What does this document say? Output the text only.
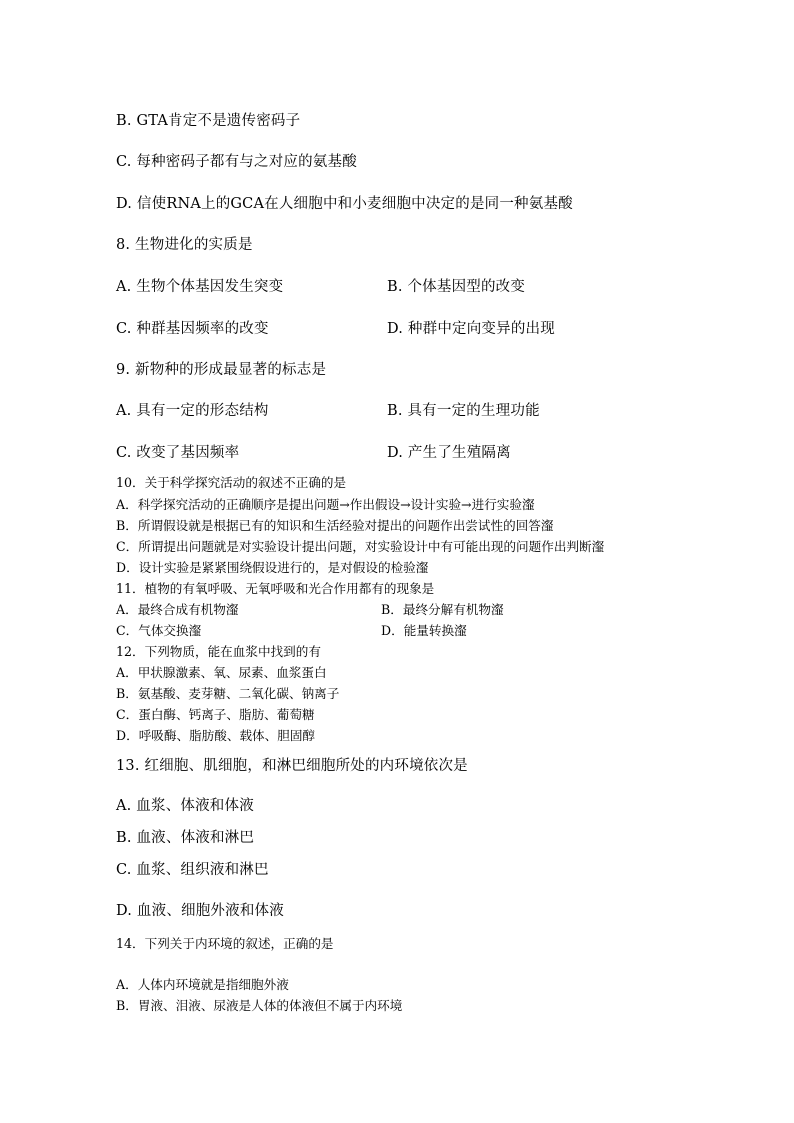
B. GTA肯定不是遗传密码子
C. 每种密码子都有与之对应的氨基酸
D. 信使RNA上的GCA在人细胞中和小麦细胞中决定的是同一种氨基酸
8. 生物进化的实质是
A. 生物个体基因发生突变	B. 个体基因型的改变
C. 种群基因频率的改变	D. 种群中定向变异的出现
9. 新物种的形成最显著的标志是
A. 具有一定的形态结构	B. 具有一定的生理功能
C. 改变了基因频率	D. 产生了生殖隔离
10．关于科学探究活动的叙述不正确的是
A．科学探究活动的正确顺序是提出问题→作出假设→设计实验→进行实验瀣
B．所谓假设就是根据已有的知识和生活经验对提出的问题作出尝试性的回答瀣
C．所谓提出问题就是对实验设计提出问题，对实验设计中有可能出现的问题作出判断瀣
D．设计实验是紧紧围绕假设进行的，是对假设的检验瀣
11．植物的有氧呼吸、无氧呼吸和光合作用都有的现象是
A．最终合成有机物瀣	B．最终分解有机物瀣
C．气体交换瀣	D．能量转换瀣
12．下列物质，能在血浆中找到的有
A．甲状腺激素、氧、尿素、血浆蛋白
B．氨基酸、麦芽糖、二氧化碳、钠离子
C．蛋白酶、钙离子、脂肪、葡萄糖
D．呼吸酶、脂肪酸、载体、胆固醇
13. 红细胞、肌细胞，和淋巴细胞所处的内环境依次是
A. 血浆、体液和体液
B. 血液、体液和淋巴
C. 血浆、组织液和淋巴
D. 血液、细胞外液和体液
14．下列关于内环境的叙述，正确的是
A．人体内环境就是指细胞外液
B．胃液、泪液、尿液是人体的体液但不属于内环境
